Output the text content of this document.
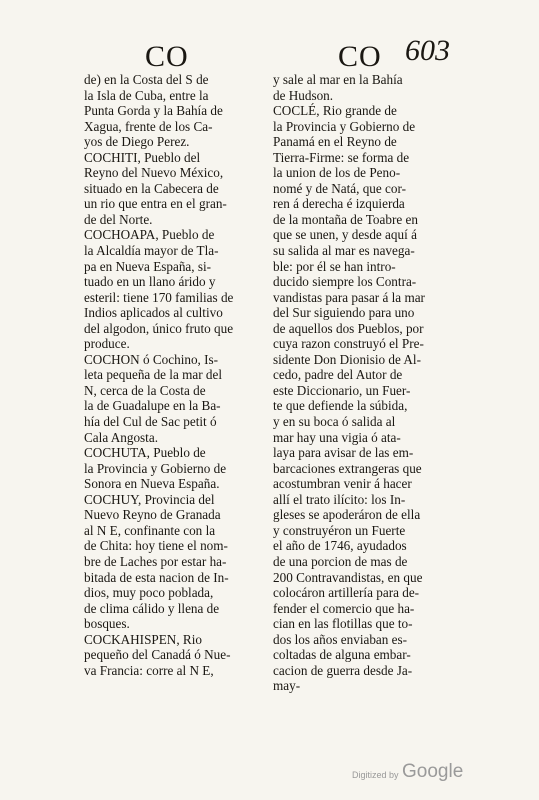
CO	CO 603
de) en la Costa del S de
la Isla de Cuba, entre la
Punta Gorda y la Bahía de
Xagua, frente de los Ca-
yos de Diego Perez.
COCHITI, Pueblo del
Reyno del Nuevo México,
situado en la Cabecera de
un rio que entra en el gran-
de del Norte.
COCHOAPA, Pueblo de
la Alcaldía mayor de Tla-
pa en Nueva España, si-
tuado en un llano árido y
esteril: tiene 170 familias de
Indios aplicados al cultivo
del algodon, único fruto que
produce.
COCHON ó Cochino, Is-
leta pequeña de la mar del
N, cerca de la Costa de
la de Guadalupe en la Ba-
hía del Cul de Sac petit ó
Cala Angosta.
COCHUTA, Pueblo de
la Provincia y Gobierno de
Sonora en Nueva España.
COCHUY, Provincia del
Nuevo Reyno de Granada
al N E, confinante con la
de Chita: hoy tiene el nom-
bre de Laches por estar ha-
bitada de esta nacion de In-
dios, muy poco poblada,
de clima cálido y llena de
bosques.
COCKAHISPEN, Rio
pequeño del Canadá ó Nue-
va Francia: corre al N E,
y sale al mar en la Bahía
de Hudson.
COCLÉ, Rio grande de
la Provincia y Gobierno de
Panamá en el Reyno de
Tierra-Firme: se forma de
la union de los de Peno-
nomé y de Natá, que cor-
ren á derecha é izquierda
de la montaña de Toabre en
que se unen, y desde aquí á
su salida al mar es navega-
ble: por él se han intro-
ducido siempre los Contra-
vandistas para pasar á la mar
del Sur siguiendo para uno
de aquellos dos Pueblos, por
cuya razon construyó el Pre-
sidente Don Dionisio de Al-
cedo, padre del Autor de
este Diccionario, un Fuer-
te que defiende la súbida,
y en su boca ó salida al
mar hay una vigia ó ata-
laya para avisar de las em-
barcaciones extrangeras que
acostumbran venir á hacer
allí el trato ilícito: los In-
gleses se apoderáron de ella
y construyéron un Fuerte
el año de 1746, ayudados
de una porcion de mas de
200 Contravandistas, en que
colocáron artillería para de-
fender el comercio que ha-
cian en las flotillas que to-
dos los años enviaban es-
coltadas de alguna embar-
cacion de guerra desde Ja-
may-
Digitized by Google
